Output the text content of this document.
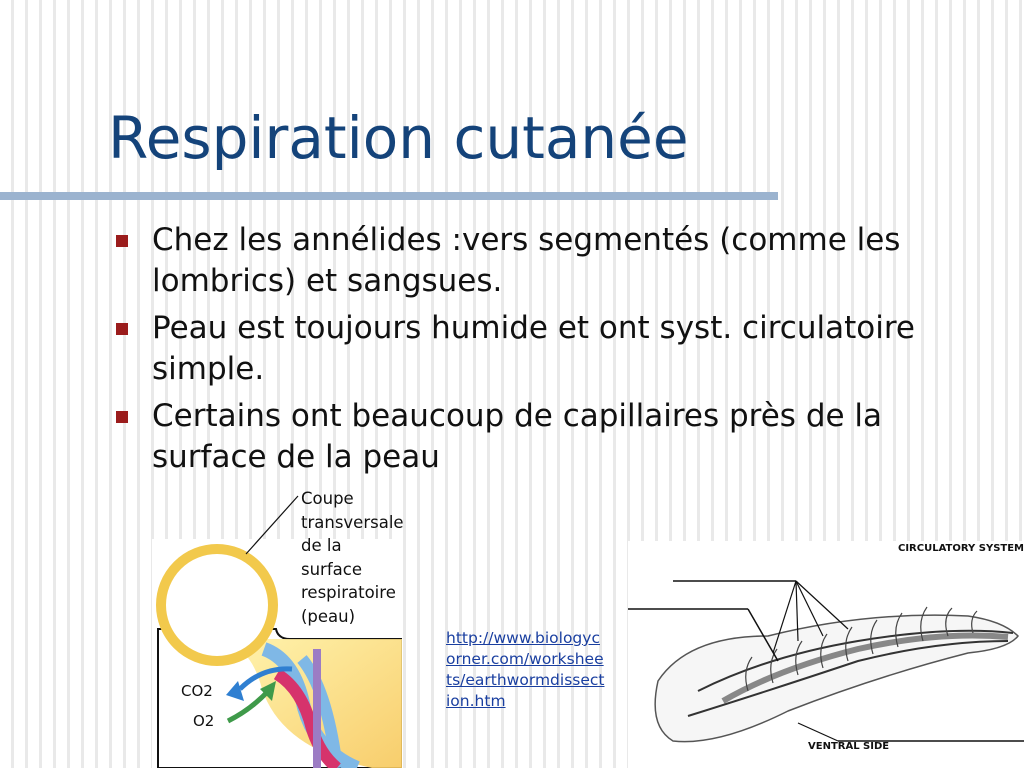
Respiration cutanée
Chez les annélides :vers segmentés (comme les lombrics) et sangsues.
Peau est toujours humide et ont syst. circulatoire simple.
Certains ont beaucoup de capillaires près de la surface de la peau
CO2
O2
Coupe
transversale
de la
surface
respiratoire
(peau)
http://www.biologycorner.com/worksheets/earthwormdissection.htm
CIRCULATORY SYSTEM
VENTRAL SIDE
